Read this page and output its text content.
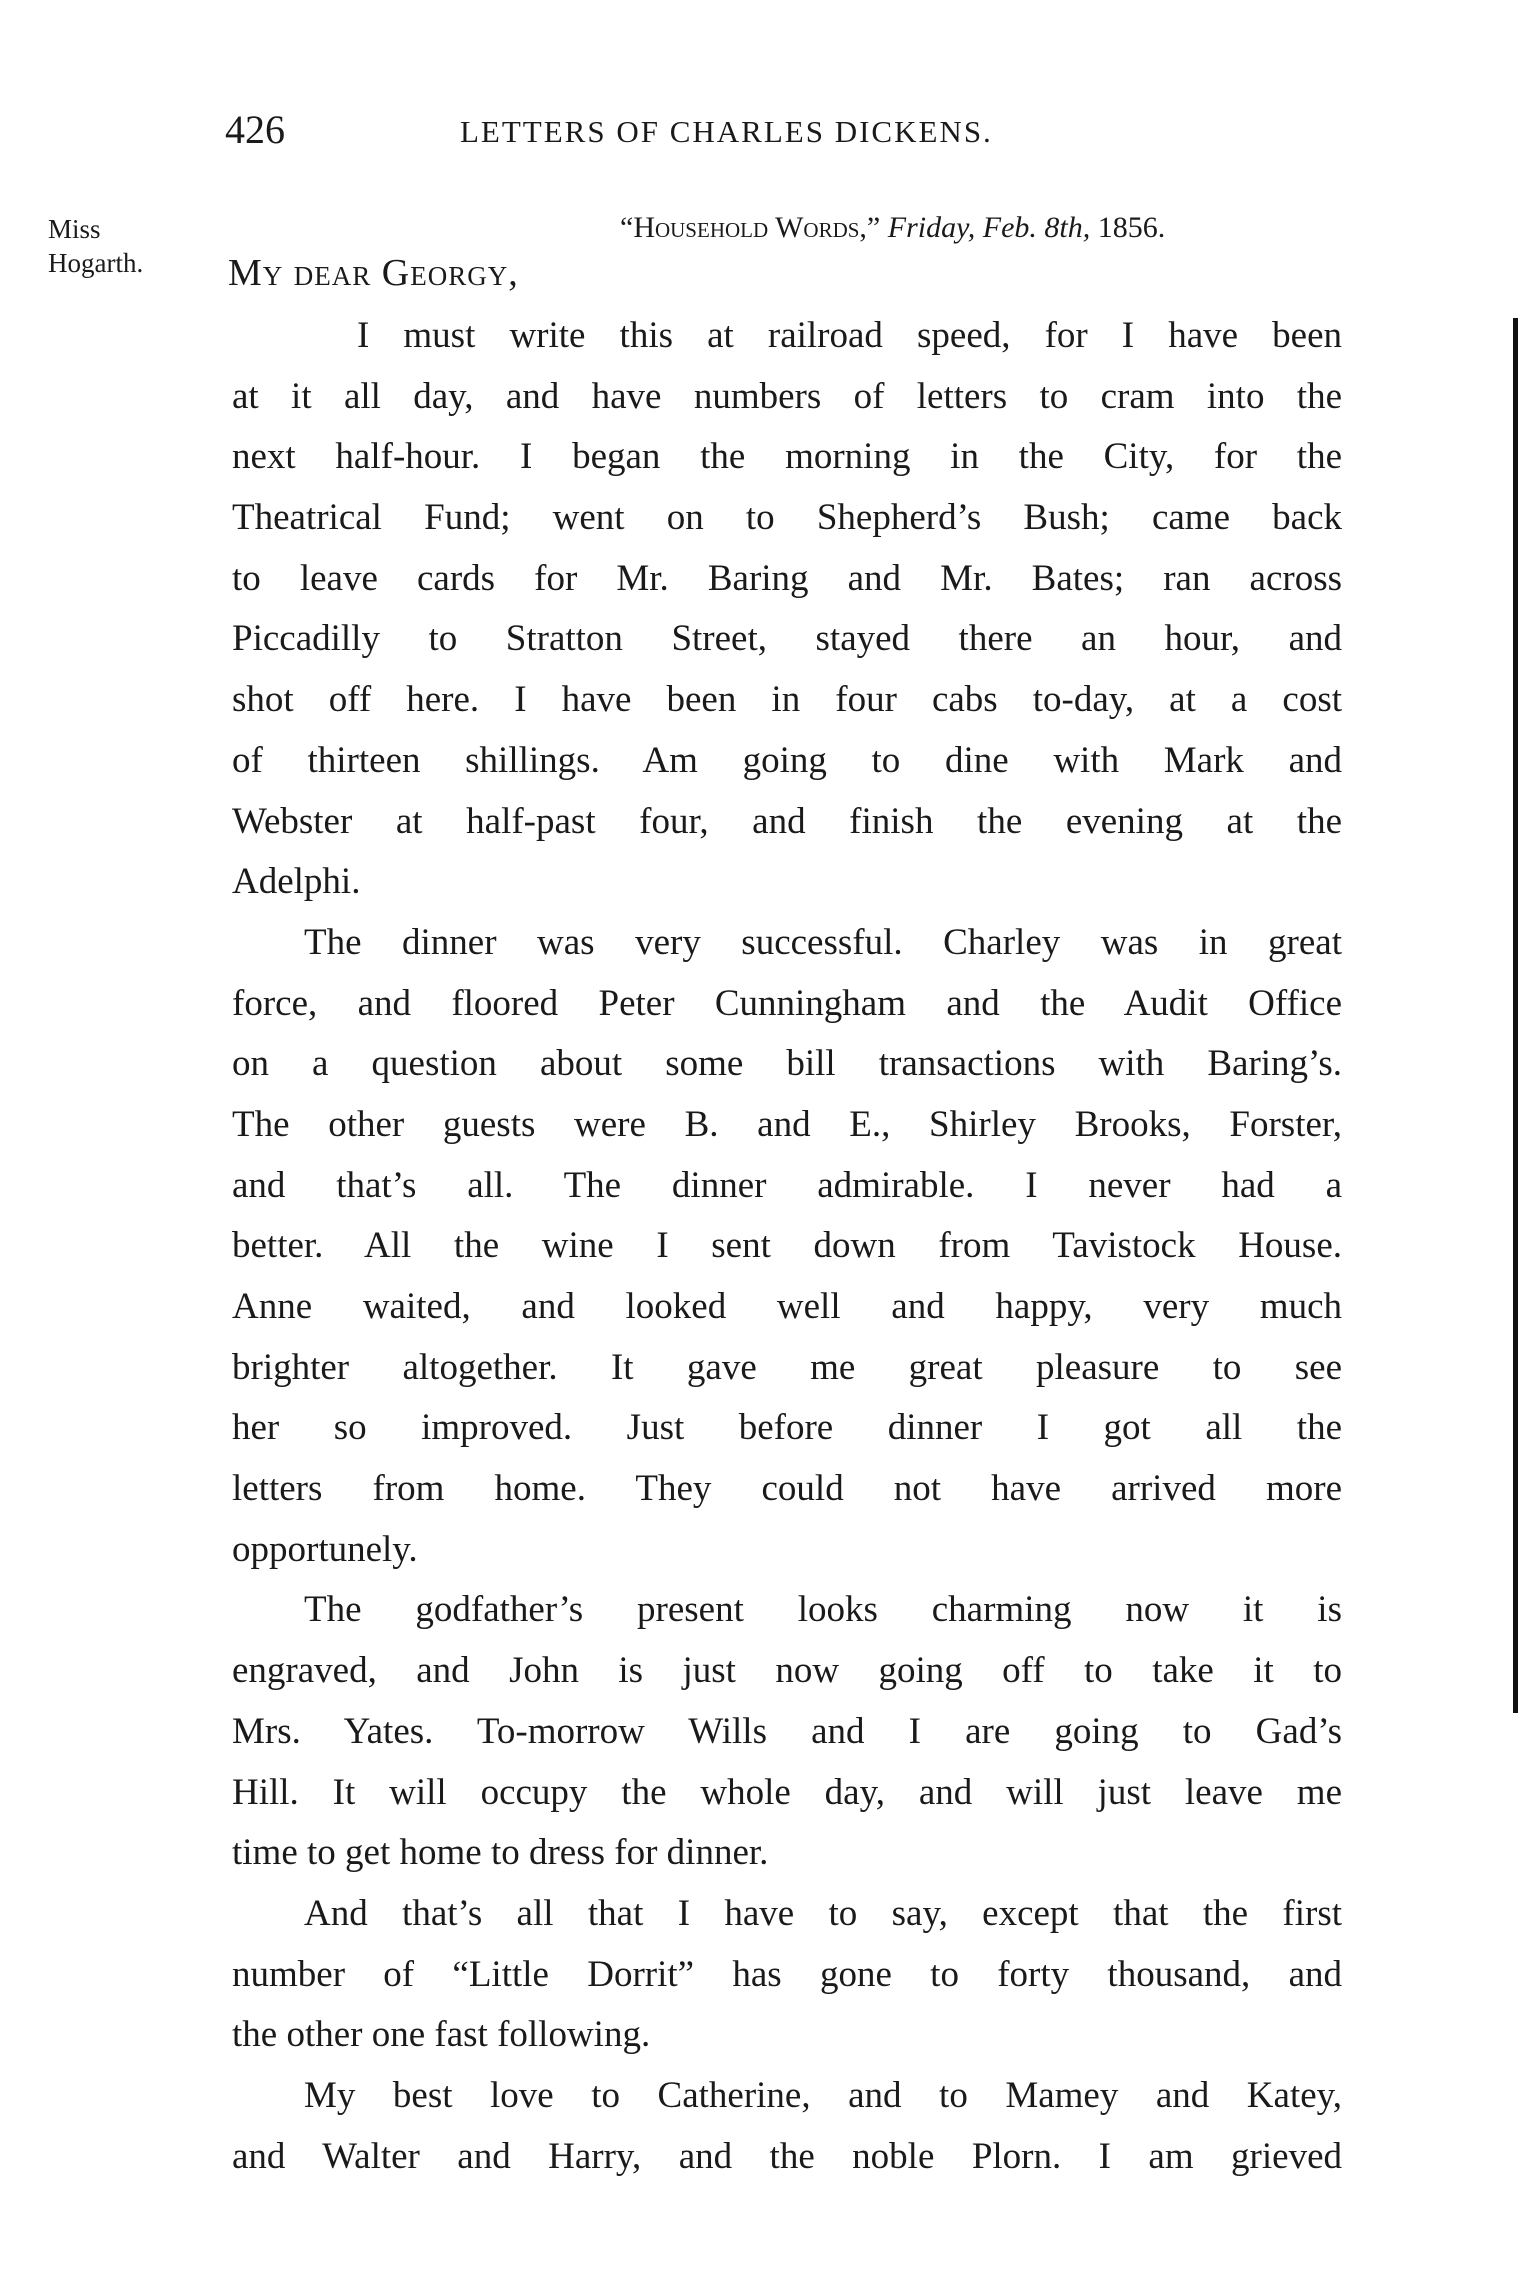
426	LETTERS OF CHARLES DICKENS.
Miss
Hogarth.
“Household Words,” Friday, Feb. 8th, 1856.
My dear Georgy,
I must write this at railroad speed, for I have been
at it all day, and have numbers of letters to cram into the
next half-hour. I began the morning in the City, for the
Theatrical Fund; went on to Shepherd’s Bush; came back
to leave cards for Mr. Baring and Mr. Bates; ran across
Piccadilly to Stratton Street, stayed there an hour, and
shot off here. I have been in four cabs to-day, at a cost
of thirteen shillings. Am going to dine with Mark and
Webster at half-past four, and finish the evening at the
Adelphi.
The dinner was very successful. Charley was in great
force, and floored Peter Cunningham and the Audit Office
on a question about some bill transactions with Baring’s.
The other guests were B. and E., Shirley Brooks, Forster,
and that’s all. The dinner admirable. I never had a
better. All the wine I sent down from Tavistock House.
Anne waited, and looked well and happy, very much
brighter altogether. It gave me great pleasure to see
her so improved. Just before dinner I got all the
letters from home. They could not have arrived more
opportunely.
The godfather’s present looks charming now it is
engraved, and John is just now going off to take it to
Mrs. Yates. To-morrow Wills and I are going to Gad’s
Hill. It will occupy the whole day, and will just leave me
time to get home to dress for dinner.
And that’s all that I have to say, except that the first
number of “Little Dorrit” has gone to forty thousand, and
the other one fast following.
My best love to Catherine, and to Mamey and Katey,
and Walter and Harry, and the noble Plorn. I am grieved
